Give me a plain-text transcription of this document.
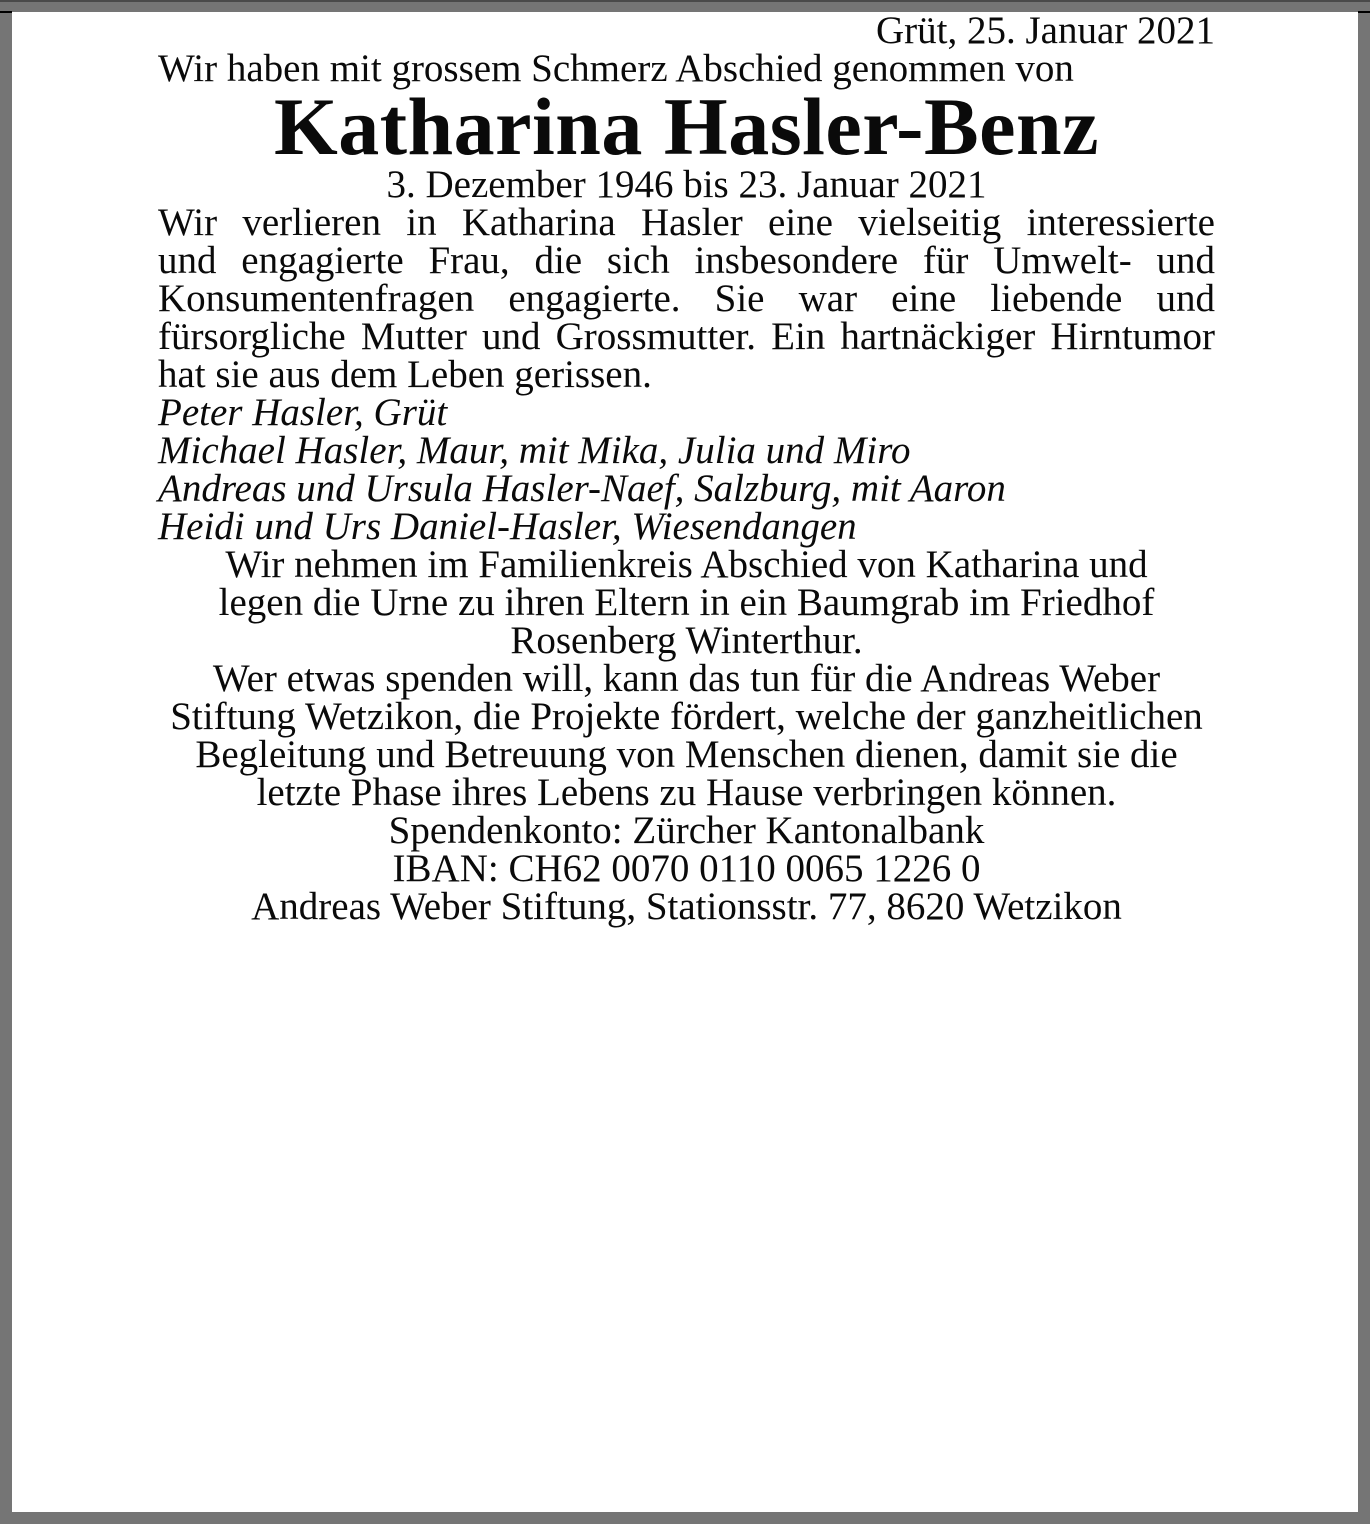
Grüt, 25. Januar 2021

Wir haben mit grossem Schmerz Abschied genommen von

Katharina Hasler-Benz

3. Dezember 1946 bis 23. Januar 2021

Wir verlieren in Katharina Hasler eine vielseitig interessierte
und engagierte Frau, die sich insbesondere für Umwelt- und
Konsumentenfragen engagierte. Sie war eine liebende und
fürsorgliche Mutter und Grossmutter. Ein hartnäckiger Hirntumor
hat sie aus dem Leben gerissen.
Peter Hasler, Grüt
Michael Hasler, Maur, mit Mika, Julia und Miro
Andreas und Ursula Hasler-Naef, Salzburg, mit Aaron
Heidi und Urs Daniel-Hasler, Wiesendangen
Wir nehmen im Familienkreis Abschied von Katharina und
legen die Urne zu ihren Eltern in ein Baumgrab im Friedhof
Rosenberg Winterthur.
Wer etwas spenden will, kann das tun für die Andreas Weber
Stiftung Wetzikon, die Projekte fördert, welche der ganzheitlichen
Begleitung und Betreuung von Menschen dienen, damit sie die
letzte Phase ihres Lebens zu Hause verbringen können.
Spendenkonto: Zürcher Kantonalbank
IBAN: CH62 0070 0110 0065 1226 0
Andreas Weber Stiftung, Stationsstr. 77, 8620 Wetzikon
